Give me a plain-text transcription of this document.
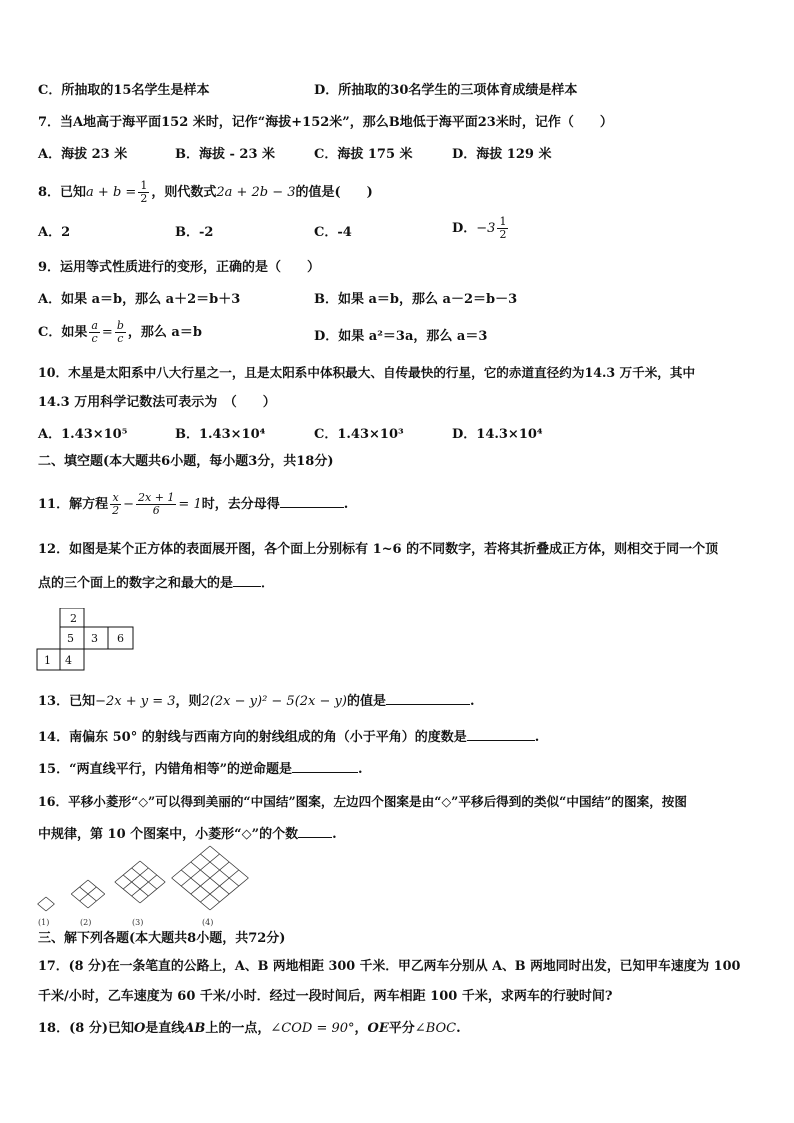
C．所抽取的15名学生是样本	D．所抽取的30名学生的三项体育成绩是样本
7．当A地高于海平面152 米时，记作“海拔+152米”，那么B地低于海平面23米时，记作（　　）
A．海拔 23 米	B．海拔 - 23 米	C．海拔 175 米	D．海拔 129 米
8．已知$a + b = \frac{1}{2}$ ，则代数式2a + 2b − 3的值是(　　)
A．2	B．-2	C．-4	D．$-3 \frac{1}{2}$
9．运用等式性质进行的变形，正确的是（　　）
A．如果 a＝b，那么 a＋2＝b＋3	B．如果 a＝b，那么 a－2＝b－3
C．如果 $\frac{a}{c} = \frac{b}{c}$ ，那么 a＝b	D．如果 a²＝3a，那么 a＝3
10．木星是太阳系中八大行星之一，且是太阳系中体积最大、自传最快的行星，它的赤道直径约为14.3 万千米，其中
14.3 万用科学记数法可表示为　（　　）
A．1.43×10⁵	B．1.43×10⁴	C．1.43×10³	D．14.3×10⁴
二、填空题(本大题共6小题，每小题3分，共18分)
11．解方程 $\frac{x}{2} - \frac{2x + 1}{6} = 1$时，去分母得	.
12．如图是某个正方体的表面展开图，各个面上分别标有 1~6 的不同数字，若将其折叠成正方体，则相交于同一个顶
点的三个面上的数字之和最大的是 ．
2
5 3 6
1 4
13．已知−2x + y = 3，则2(2x − y)² − 5(2x − y)的值是	.
14．南偏东 50° 的射线与西南方向的射线组成的角（小于平角）的度数是	.
15．“两直线平行，内错角相等”的逆命题是	.
16．平移小菱形“◇”可以得到美丽的“中国结”图案，左边四个图案是由“◇”平移后得到的类似“中国结”的图案，按图
中规律，第 10 个图案中，小菱形“◇”的个数	.
(1)	(2)	(3)	(4)
三、解下列各题(本大题共8小题，共72分)
17．(8 分)在一条笔直的公路上，A、B 两地相距 300 千米．甲乙两车分别从 A、B 两地同时出发，已知甲车速度为 100
千米/小时，乙车速度为 60 千米/小时．经过一段时间后，两车相距 100 千米，求两车的行驶时间?
18．(8 分)已知O是直线AB上的一点，∠COD = 90°，OE平分∠BOC.
